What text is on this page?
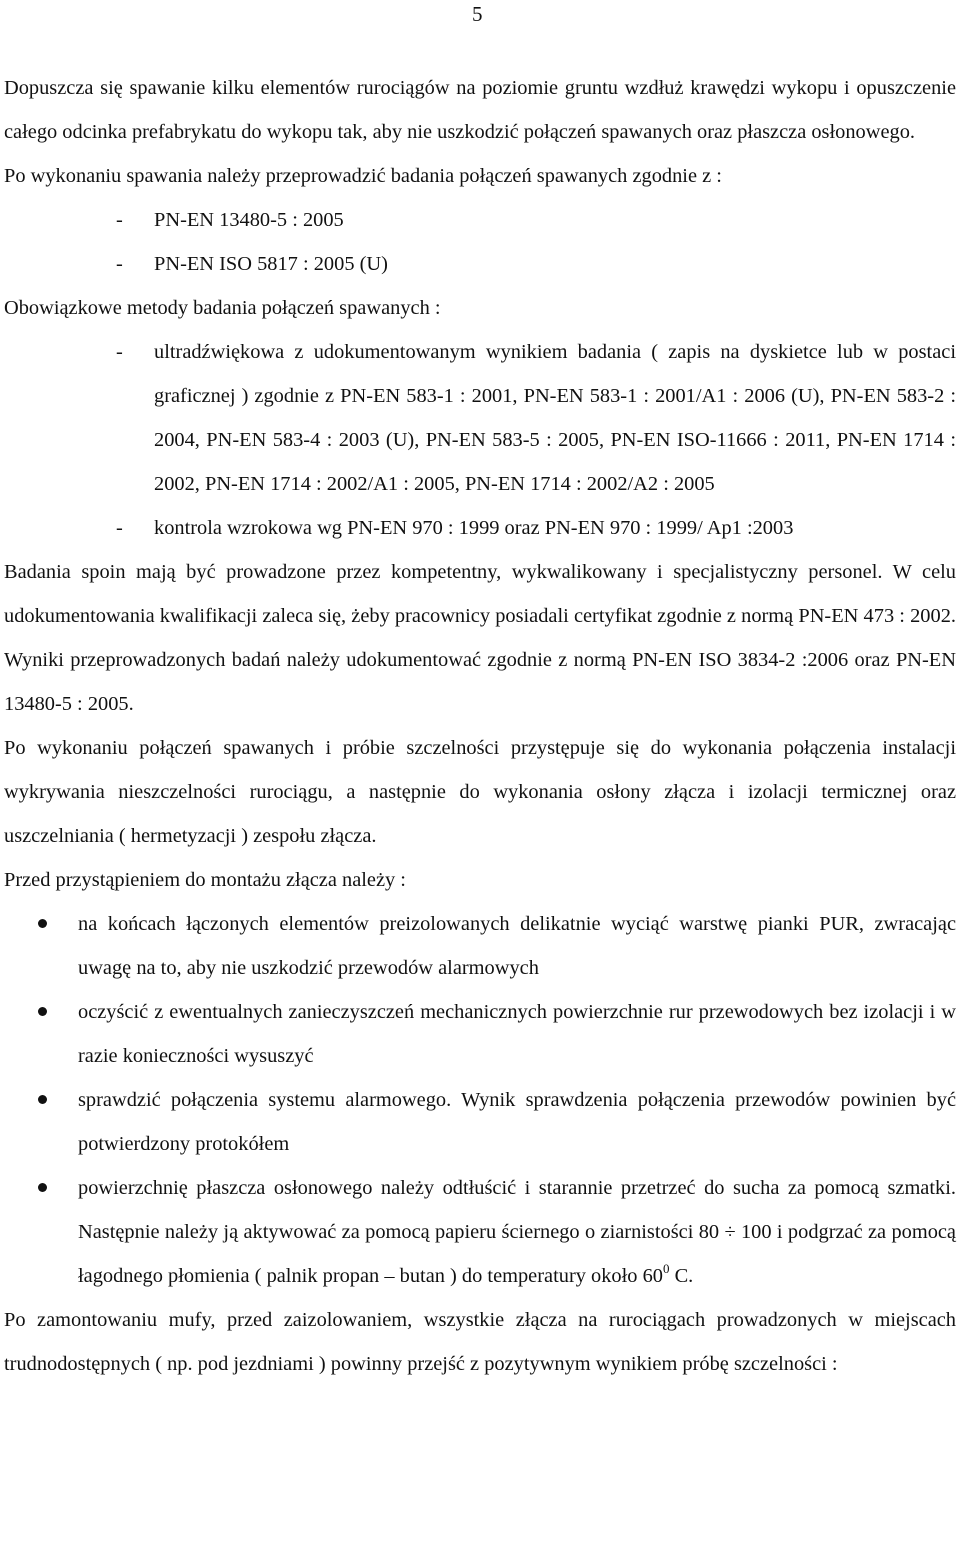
5

Dopuszcza się spawanie kilku elementów rurociągów na poziomie gruntu wzdłuż krawędzi wykopu i opuszczenie całego odcinka prefabrykatu do wykopu tak, aby nie uszkodzić połączeń spawanych oraz płaszcza osłonowego.

Po wykonaniu spawania należy przeprowadzić badania połączeń spawanych zgodnie z :

- PN-EN 13480-5 : 2005
- PN-EN ISO 5817 : 2005 (U)

Obowiązkowe metody badania połączeń spawanych :

- ultradźwiękowa z udokumentowanym wynikiem badania ( zapis na dyskietce lub w postaci graficznej ) zgodnie z PN-EN 583-1 : 2001, PN-EN 583-1 : 2001/A1 : 2006 (U), PN-EN 583-2 : 2004, PN-EN 583-4 : 2003 (U), PN-EN 583-5 : 2005, PN-EN ISO-11666 : 2011, PN-EN 1714 : 2002, PN-EN 1714 : 2002/A1 : 2005, PN-EN 1714 : 2002/A2 : 2005
- kontrola wzrokowa wg PN-EN 970 : 1999 oraz PN-EN 970 : 1999/ Ap1 :2003

Badania spoin mają być prowadzone przez kompetentny, wykwalikowany i specjalistyczny personel. W celu udokumentowania kwalifikacji zaleca się, żeby pracownicy posiadali certyfikat zgodnie z normą PN-EN 473 : 2002. Wyniki przeprowadzonych badań należy udokumentować zgodnie z normą PN-EN ISO 3834-2 :2006 oraz PN-EN 13480-5 : 2005.

Po wykonaniu połączeń spawanych i próbie szczelności przystępuje się do wykonania połączenia instalacji wykrywania nieszczelności rurociągu, a następnie do wykonania osłony złącza i izolacji termicznej oraz uszczelniania ( hermetyzacji ) zespołu złącza.

Przed przystąpieniem do montażu złącza należy :

na końcach łączonych elementów preizolowanych delikatnie wyciąć warstwę pianki PUR, zwracając uwagę na to, aby nie uszkodzić przewodów alarmowych
oczyścić z ewentualnych zanieczyszczeń mechanicznych powierzchnie rur przewodowych bez izolacji i w razie konieczności wysuszyć
sprawdzić połączenia systemu alarmowego. Wynik sprawdzenia połączenia przewodów powinien być potwierdzony protokółem
powierzchnię płaszcza osłonowego należy odtłuścić i starannie przetrzeć do sucha za pomocą szmatki. Następnie należy ją aktywować za pomocą papieru ściernego o ziarnistości 80 ÷ 100 i podgrzać za pomocą łagodnego płomienia ( palnik propan – butan ) do temperatury około $60^0$ C.

Po zamontowaniu mufy, przed zaizolowaniem, wszystkie złącza na rurociągach prowadzonych w miejscach trudnodostępnych ( np. pod jezdniami ) powinny przejść z pozytywnym wynikiem próbę szczelności :
